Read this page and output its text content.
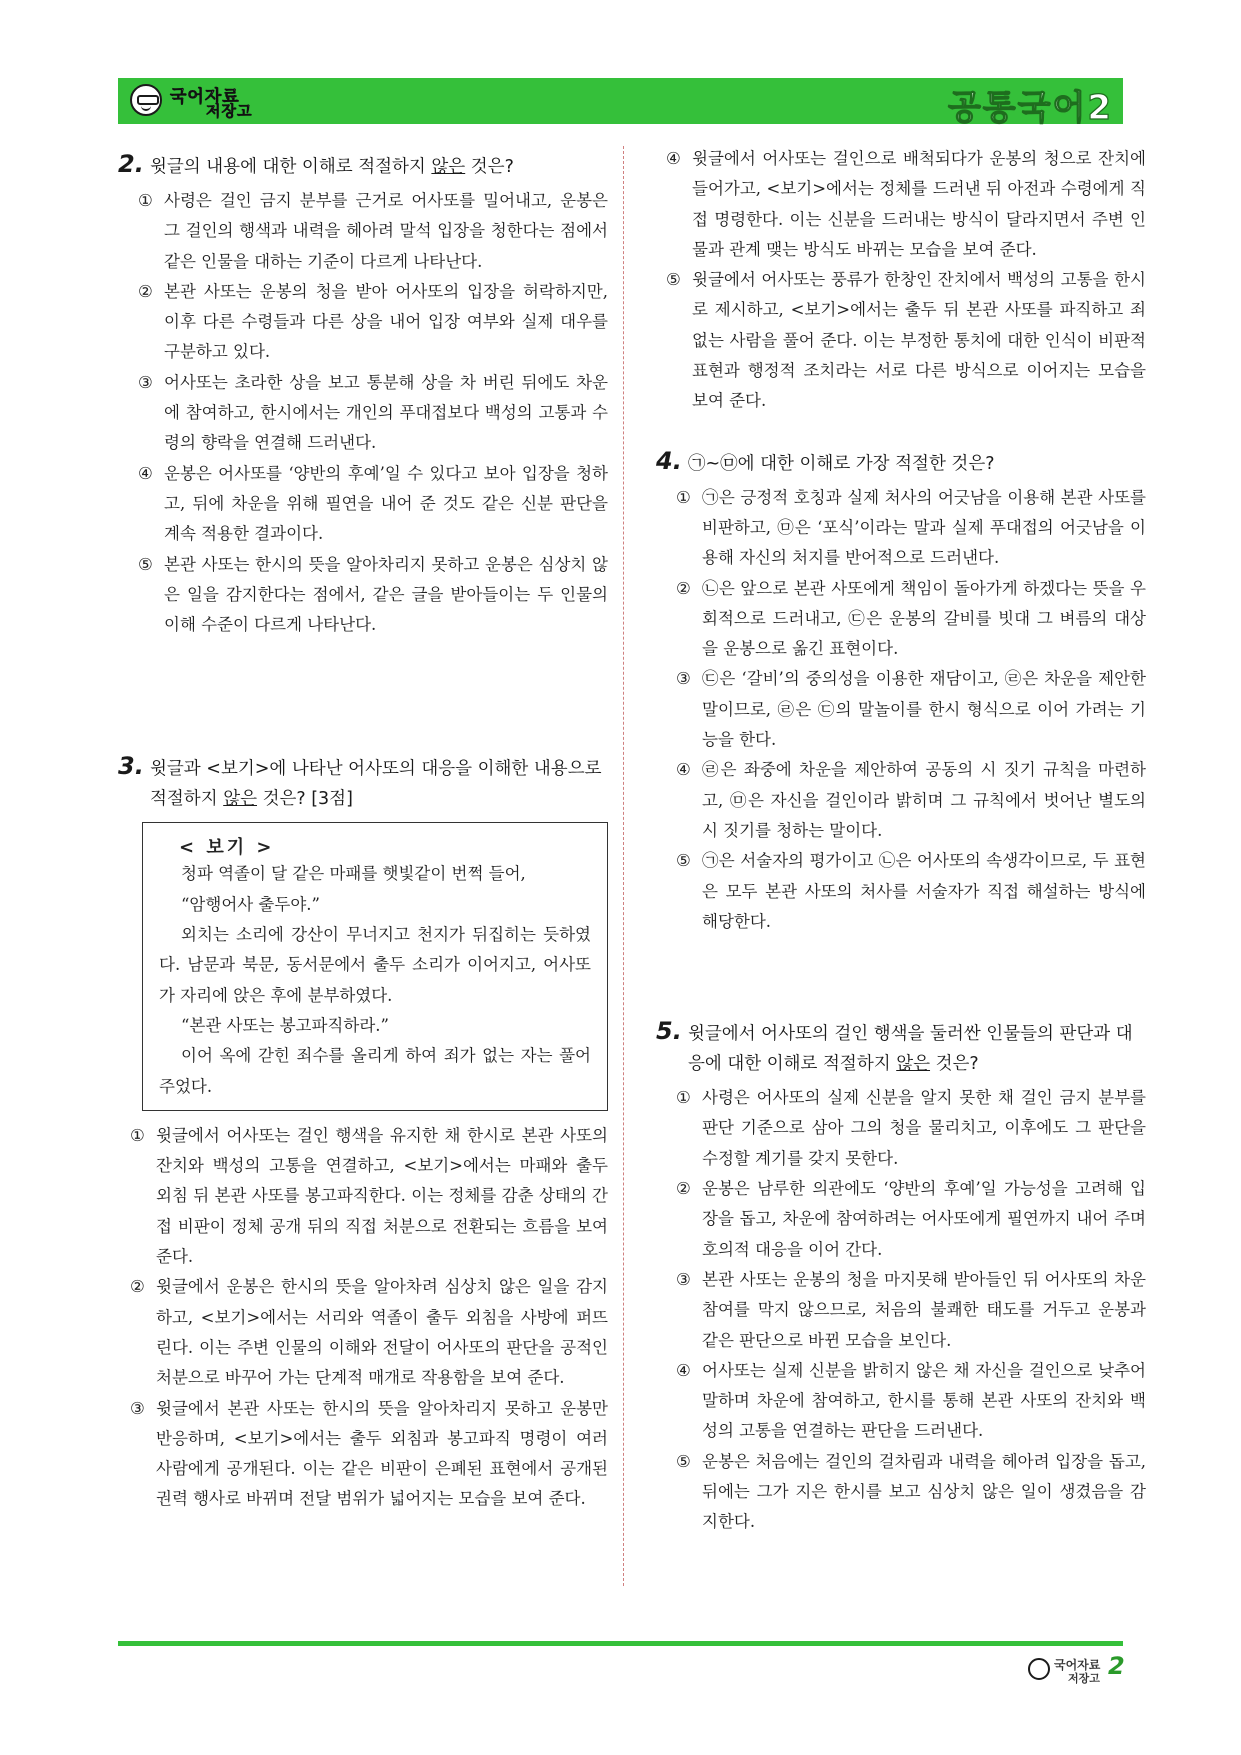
국어자료
저장고	공통국어2
2. 윗글의 내용에 대한 이해로 적절하지 않은 것은?
① 사령은 걸인 금지 분부를 근거로 어사또를 밀어내고, 운봉은 그 걸인의 행색과 내력을 헤아려 말석 입장을 청한다는 점에서 같은 인물을 대하는 기준이 다르게 나타난다.
② 본관 사또는 운봉의 청을 받아 어사또의 입장을 허락하지만, 이후 다른 수령들과 다른 상을 내어 입장 여부와 실제 대우를 구분하고 있다.
③ 어사또는 초라한 상을 보고 통분해 상을 차 버린 뒤에도 차운에 참여하고, 한시에서는 개인의 푸대접보다 백성의 고통과 수령의 향락을 연결해 드러낸다.
④ 운봉은 어사또를 ‘양반의 후예’일 수 있다고 보아 입장을 청하고, 뒤에 차운을 위해 필연을 내어 준 것도 같은 신분 판단을 계속 적용한 결과이다.
⑤ 본관 사또는 한시의 뜻을 알아차리지 못하고 운봉은 심상치 않은 일을 감지한다는 점에서, 같은 글을 받아들이는 두 인물의 이해 수준이 다르게 나타난다.
3. 윗글과 <보기>에 나타난 어사또의 대응을 이해한 내용으로 적절하지 않은 것은? [3점]
< 보기 >
청파 역졸이 달 같은 마패를 햇빛같이 번쩍 들어,
“암행어사 출두야.”
외치는 소리에 강산이 무너지고 천지가 뒤집히는 듯하였다. 남문과 북문, 동서문에서 출두 소리가 이어지고, 어사또가 자리에 앉은 후에 분부하였다.
“본관 사또는 봉고파직하라.”
이어 옥에 갇힌 죄수를 올리게 하여 죄가 없는 자는 풀어 주었다.
① 윗글에서 어사또는 걸인 행색을 유지한 채 한시로 본관 사또의 잔치와 백성의 고통을 연결하고, <보기>에서는 마패와 출두 외침 뒤 본관 사또를 봉고파직한다. 이는 정체를 감춘 상태의 간접 비판이 정체 공개 뒤의 직접 처분으로 전환되는 흐름을 보여 준다.
② 윗글에서 운봉은 한시의 뜻을 알아차려 심상치 않은 일을 감지하고, <보기>에서는 서리와 역졸이 출두 외침을 사방에 퍼뜨린다. 이는 주변 인물의 이해와 전달이 어사또의 판단을 공적인 처분으로 바꾸어 가는 단계적 매개로 작용함을 보여 준다.
③ 윗글에서 본관 사또는 한시의 뜻을 알아차리지 못하고 운봉만 반응하며, <보기>에서는 출두 외침과 봉고파직 명령이 여러 사람에게 공개된다. 이는 같은 비판이 은폐된 표현에서 공개된 권력 행사로 바뀌며 전달 범위가 넓어지는 모습을 보여 준다.
④ 윗글에서 어사또는 걸인으로 배척되다가 운봉의 청으로 잔치에 들어가고, <보기>에서는 정체를 드러낸 뒤 아전과 수령에게 직접 명령한다. 이는 신분을 드러내는 방식이 달라지면서 주변 인물과 관계 맺는 방식도 바뀌는 모습을 보여 준다.
⑤ 윗글에서 어사또는 풍류가 한창인 잔치에서 백성의 고통을 한시로 제시하고, <보기>에서는 출두 뒤 본관 사또를 파직하고 죄 없는 사람을 풀어 준다. 이는 부정한 통치에 대한 인식이 비판적 표현과 행정적 조치라는 서로 다른 방식으로 이어지는 모습을 보여 준다.
4. ㉠~㉤에 대한 이해로 가장 적절한 것은?
① ㉠은 긍정적 호칭과 실제 처사의 어긋남을 이용해 본관 사또를 비판하고, ㉤은 ‘포식’이라는 말과 실제 푸대접의 어긋남을 이용해 자신의 처지를 반어적으로 드러낸다.
② ㉡은 앞으로 본관 사또에게 책임이 돌아가게 하겠다는 뜻을 우회적으로 드러내고, ㉢은 운봉의 갈비를 빗대 그 벼름의 대상을 운봉으로 옮긴 표현이다.
③ ㉢은 ‘갈비’의 중의성을 이용한 재담이고, ㉣은 차운을 제안한 말이므로, ㉣은 ㉢의 말놀이를 한시 형식으로 이어 가려는 기능을 한다.
④ ㉣은 좌중에 차운을 제안하여 공동의 시 짓기 규칙을 마련하고, ㉤은 자신을 걸인이라 밝히며 그 규칙에서 벗어난 별도의 시 짓기를 청하는 말이다.
⑤ ㉠은 서술자의 평가이고 ㉡은 어사또의 속생각이므로, 두 표현은 모두 본관 사또의 처사를 서술자가 직접 해설하는 방식에 해당한다.
5. 윗글에서 어사또의 걸인 행색을 둘러싼 인물들의 판단과 대응에 대한 이해로 적절하지 않은 것은?
① 사령은 어사또의 실제 신분을 알지 못한 채 걸인 금지 분부를 판단 기준으로 삼아 그의 청을 물리치고, 이후에도 그 판단을 수정할 계기를 갖지 못한다.
② 운봉은 남루한 의관에도 ‘양반의 후예’일 가능성을 고려해 입장을 돕고, 차운에 참여하려는 어사또에게 필연까지 내어 주며 호의적 대응을 이어 간다.
③ 본관 사또는 운봉의 청을 마지못해 받아들인 뒤 어사또의 차운 참여를 막지 않으므로, 처음의 불쾌한 태도를 거두고 운봉과 같은 판단으로 바뀐 모습을 보인다.
④ 어사또는 실제 신분을 밝히지 않은 채 자신을 걸인으로 낮추어 말하며 차운에 참여하고, 한시를 통해 본관 사또의 잔치와 백성의 고통을 연결하는 판단을 드러낸다.
⑤ 운봉은 처음에는 걸인의 걸차림과 내력을 헤아려 입장을 돕고, 뒤에는 그가 지은 한시를 보고 심상치 않은 일이 생겼음을 감지한다.
국어자료
저장고 2
